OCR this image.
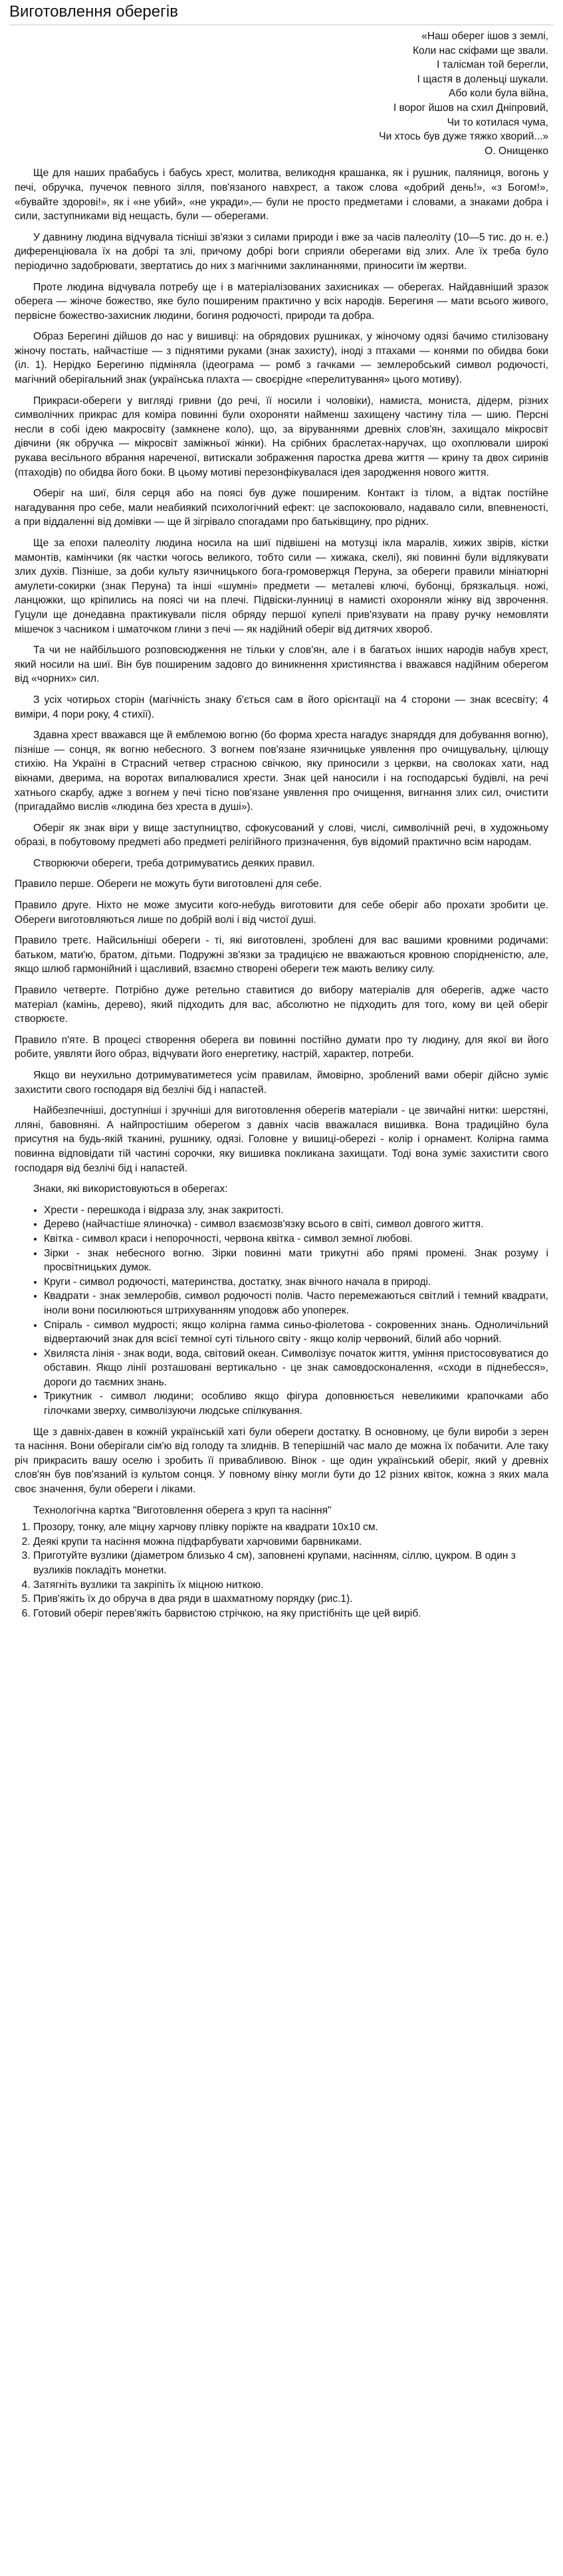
Виготовлення оберегів
«Наш оберег ішов з землі,
Коли нас скіфами ще звали.
І талісман той берегли,
І щастя в доленьці шукали.
Або коли була війна,
І ворог йшов на схил Дніпровий,
Чи то котилася чума,
Чи хтось був дуже тяжко хворий...»
О. Онищенко

Ще для наших прабабусь і бабусь хрест, молитва, великодня крашанка, як і рушник, паляниця, вогонь у печі, обручка, пучечок певного зілля, пов'язаного навхрест, а також слова «добрий день!», «з Богом!», «бувайте здорові!», як і «не убий», «не укради»,— були не просто предметами і словами, а знаками добра і сили, заступниками від нещасть, були — оберегами.

У давнину людина відчувала тісніші зв'язки з силами природи і вже за часів палеоліту (10—5 тис. до н. е.) диференціювала їх на добрі та злі, причому добрі boги сприяли оберегами від злих. Але їх треба було періодично задобрювати, звертатись до них з магічними заклинаннями, приносити їм жертви.

Протe людина відчувала потребу ще і в матеріалізованих захисниках — оберегах. Найдавніший зразок оберега — жіноче божество, яке було поширеним практично у всіх народів. Берегиня — мати всього живого, первісне божество-захисник людини, богиня родючості, природи та добра.

Образ Берегині дійшов до нас у вишивці: на обрядових рушниках, у жіночому одязі бачимо стилізовану жіночу постать, найчастіше — з піднятими руками (знак захисту), іноді з птахами — конями по обидва боки (іл. 1). Нерідко Берегиню підміняла (ідеограма — ромб з гачками — землеробський символ родючості, магічний оберігальний знак (українська плахта — своєрідне «перелитування» цього мотиву).

Прикраси-обереги у вигляді гривни (до речі, її носили і чоловіки), намиста, мониста, дідерм, різних символічних прикрас для коміра повинні були охороняти найменш захищену частину тіла — шию. Персні несли в собі ідею макросвіту (замкнене коло), що, за віруваннями древніх слов'ян, захищало мікросвіт дівчини (як обручка — мікросвіт заміжньої жінки). На срібних браслетах-наручах, що охоплювали широкі рукава весільного вбрання нареченої, витискали зображення паростка древа життя — крину та двох сиринів (птаходів) по обидва його боки. В цьому мотиві перезонфікувалася ідея зародження нового життя.

Оберіг на шиї, біля серця або на поясі був дуже поширеним. Контакт із тілом, а відтак постійне нагадування про себе, мали неабиякий психологічний ефект: це заспокоювало, надавало сили, впевненості, а при віддаленні від домівки — ще й зігрівало спогадами про батьківщину, про рідних.

Ще за епохи палеоліту людина носила на шиї підвішені на мотузці ікла маралів, хижих звірів, кістки мамонтів, камінчики (як частки чогось великого, тобто сили — хижака, скелі), які повинні були відлякувати злих духів. Пізніше, за доби культу язичницького бога-громовержця Перуна, за обереги правили мініатюрні амулети-сокирки (знак Перуна) та інші «шумні» предмети — металеві ключі, бубонці, брязкальця. ножі, ланцюжки, що кріпились на поясі чи на плечі. Підвіски-лунниці в намисті охороняли жінку від зврочення. Гуцули ще донедавна практикували після обряду першої купелі прив'язувати на праву ручку немовляти мішечок з часником і шматочком глини з печі — як надійний оберіг від дитячих хвороб.

Та чи не найбільшого розповсюдження не тільки у слов'ян, але і в багатьох інших народів набув хрест, який носили на шиї. Він був поширеним задовго до виникнення християнства і вважався надійним оберегом від «чорних» сил.

З усіх чотирьох сторін (магічність знаку б'ється сам в його орієнтації на 4 сторони — знак всесвіту; 4 виміри, 4 пори року, 4 стихії).

Здавна хрест вважався ще й емблемою вогню (бо форма хреста нагадує знаряддя для добування вогню), пізніше — сонця, як вогню небесного. З вогнем пов'язане язичницьке уявлення про очищувальну, цілющу стихію. На Україні в Страсний четвер страсною свічкою, яку приносили з церкви, на сволоках хати, над вікнами, дверима, на воротах випалювалися хрести. Знак цей наносили і на господарські будівлі, на речі хатнього скарбу, адже з вогнем у печі тісно пов'язане уявлення про очищення, вигнання злих сил, очистити (пригадаймо вислів «людина без хреста в душі»).

Оберіг як знак віри у вищe заступництво, сфокусований у слові, числі, символічній речі, в художньому образі, в побутовому предметі або предметі релігійного призначення, був відомий практично всім народам.

Створюючи обереги, треба дотримуватись деяких правил.

Правило перше. Обереги не можуть бути виготовлені для себе.

Правило друге. Ніхто не може змусити кого-небудь виготовити для себе оберіг або прохати зробити це. Обереги виготовляються лише по добрій волі і від чистої душі.

Правило третє. Найсильніші обереги - ті, які виготовлені, зроблені для вас вашими кровними родичами: батьком, мати'ю, братом, дітьми. Подружні зв'язки за традицією не вважаються кровною спорідненістю, але, якщо шлюб гармонійний і щасливий, взаємно створені обереги теж мають велику силу.

Правило четверте. Потрібно дуже ретельно ставитися до вибору матеріалів для оберегів, адже часто матеріал (камінь, дерево), який підходить для вас, абсолютно не підходить для того, кому ви цей оберіг створюєте.

Правило п'яте. В процесі створення оберега ви повинні постійно думати про ту людину, для якої ви його робите, уявляти його образ, відчувати його енергетику, настрій, характер, потреби.

Якщо ви неухильно дотримуватиметеся усім правилам, ймовірно, зроблений вами оберіг дійсно зуміє захистити свого господаря від безлічі бід і напастей.

Найбезпечніші, доступніші і зручніші для виготовлення оберегів матеріали - це звичайні нитки: шерстяні, лляні, бавовняні. А найпростішим оберегом з давніх часів вважалася вишивка. Вона традиційно була присутня на будь-якій тканині, рушнику, одязі. Головне у вишиці-обереzі - колір і орнамент. Колірна гамма повинна відповідати тій частині сорочки, яку вишивка покликана захищати. Тоді вона зуміє захистити свого господаря від безлічі бід і напастей.

Знаки, які використовуються в оберегах:

• Хрести - перешкода і відраза злу, знак закритості.
• Дерево (найчастіше ялиночка) - символ взаємозв'язку всього в світі, символ довгого життя.
• Квітка - символ краси і непорочності, червона квітка - символ земної любові.
• Зірки - знак небесного вогню. Зірки повинні мати трикутні або прямі промені. Знак розуму і просвітницьких думок.
• Круги - символ родючості, материнства, достатку, знак вічного начала в природі.
• Квадрати - знак землеробів, символ родючості полів. Часто перемежаються світлий і темний квадрати, іноли вони посилюються штрихуванням уподовж або упоперек.
• Спіраль - символ мудрості; якщо колірна гамма синьо-фіолетова - сокровенних знань. Одноличільний відвертаючий знак для всієї темної суті тільного світу - якщо колір червоний, білий або чорний.
• Хвиляста лінія - знак води, вода, світовий океан. Символізує початок життя, уміння пристосовуватися до обставин. Якщо лінії розташовані вертикально - це знак самовдосконалення, «сходи в піднебесся», дороги до таємних знань.
• Трикутник - символ людини; особливо якщо фігура доповнюється невеликими крапочками або гілочками зверху, символізуючи людське спілкування.

Ще з давніх-давен в кожній українській хаті були обереги достатку. В основному, це були вироби з зерен та насіння. Вони оберігали сім'ю від голоду та злиднів. В теперішній час мало де можна їх побачити. Але таку річ прикрасить вашу оселю і зробить її привабливою. Вінок - ще один український оберіг, який у древніх слов'ян був пов'язаний із культом сонця. У повному вінку могли бути до 12 різних квіток, кожна з яких мала своє значення, були обереги і ліками.

Технологічна картка "Виготовлення оберега з круп та насіння"

1. Прозору, тонку, але міцну харчову плівку поріжте на квадрати 10х10 см.
2. Деякі крупи та насіння можна підфарбувати харчовими барвниками.
3. Приготуйте вузлики (діаметром близько 4 см), заповнені крупами, насінням, сіллю, цукром. В один з вузликів покладіть монетки.
4. Затягніть вузлики та закріпіть їх міцною ниткою.
5. Прив'яжіть їх до обруча в два ряди в шахматному порядку (рис.1).
6. Готовий оберіг перев'яжіть барвистою стрічкою, на яку пристібніть ще цей виріб.
